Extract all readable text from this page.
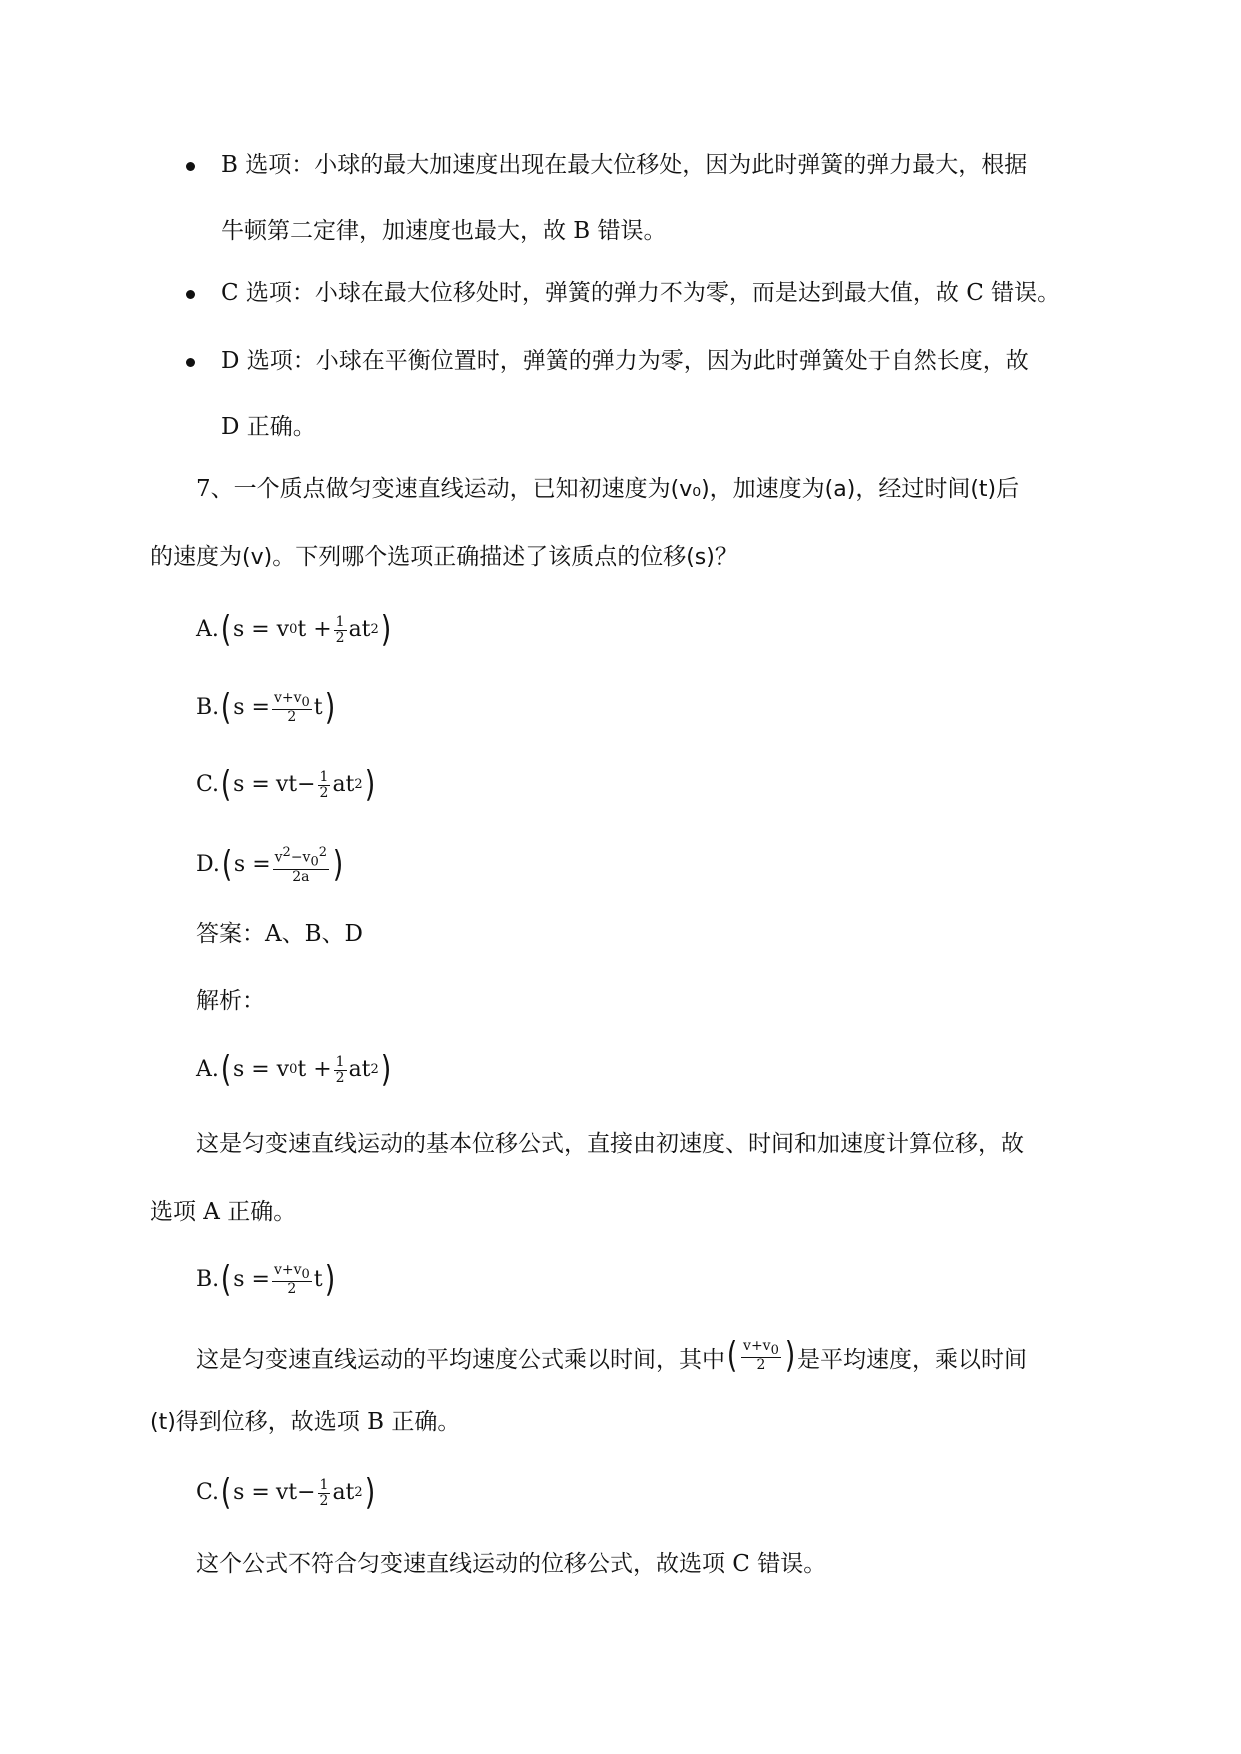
B 选项：小球的最大加速度出现在最大位移处，因为此时弹簧的弹力最大，根据
牛顿第二定律，加速度也最大，故 B 错误。
C 选项：小球在最大位移处时，弹簧的弹力不为零，而是达到最大值，故 C 错误。
D 选项：小球在平衡位置时，弹簧的弹力为零，因为此时弹簧处于自然长度，故
D 正确。
7、一个质点做匀变速直线运动，已知初速度为(v₀)，加速度为(a)，经过时间(t)后
的速度为(v)。下列哪个选项正确描述了该质点的位移(s)？
A. ( s = v 0 $t + \frac{1}{2}$ at 2 )
B. ( $s = \frac{v+v_0}{2}$ t )
C. ( s =
$vt- \frac{1}{2}$ at 2 )
D. ( $s = \frac{v^2-v_0^2}{2a}$ )
答案：A、B、D
解析：
A. ( s = v 0 $t + \frac{1}{2}$ at 2 )
这是匀变速直线运动的基本位移公式，直接由初速度、时间和加速度计算位移，故
选项 A 正确。
B. ( $s = \frac{v+v_0}{2}$ t )
这是匀变速直线运动的平均速度公式乘以时间，其中 ( $\frac{v+v_0}{2}$ ) 是平均速度，乘以时间
(t)得到位移，故选项 B 正确。
C. ( s =
$vt- \frac{1}{2}$ at 2 )
这个公式不符合匀变速直线运动的位移公式，故选项 C 错误。
